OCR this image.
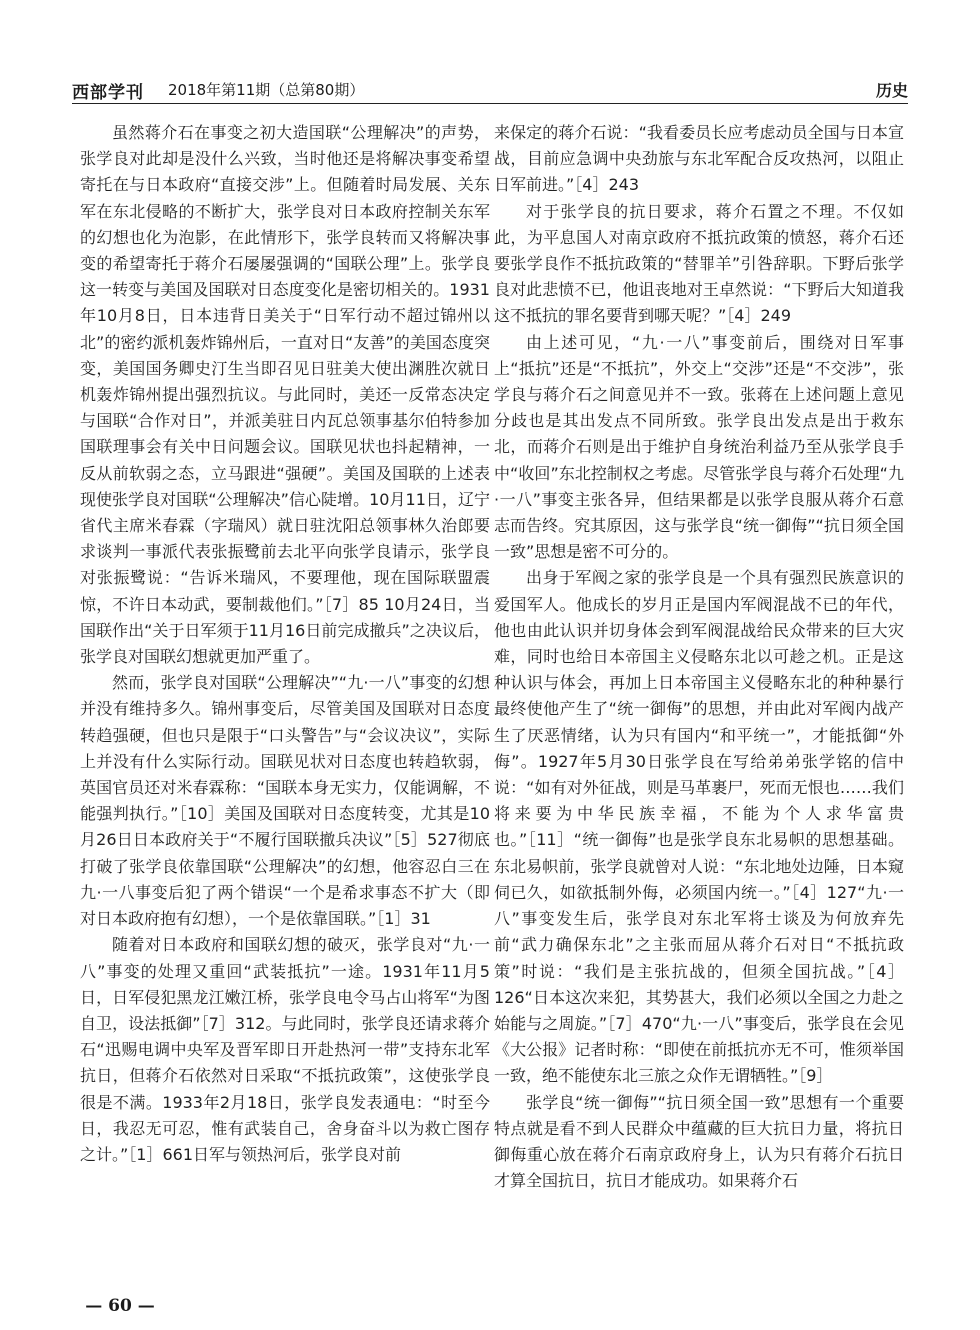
西部学刊 2018年第11期（总第80期）	历史

虽然蒋介石在事变之初大造国联“公理解决”的声势，张学良对此却是没什么兴致，当时他还是将解决事变希望寄托在与日本政府“直接交涉”上。但随着时局发展、关东军在东北侵略的不断扩大，张学良对日本政府控制关东军的幻想也化为泡影，在此情形下，张学良转而又将解决事变的希望寄托于蒋介石屡屡强调的“国联公理”上。张学良这一转变与美国及国联对日态度变化是密切相关的。1931年10月8日，日本违背日美关于“日军行动不超过锦州以北”的密约派机轰炸锦州后，一直对日“友善”的美国态度突变，美国国务卿史汀生当即召见日驻美大使出渊胜次就日机轰炸锦州提出强烈抗议。与此同时，美还一反常态决定与国联“合作对日”，并派美驻日内瓦总领事基尔伯特参加国联理事会有关中日问题会议。国联见状也抖起精神，一反从前软弱之态，立马跟进“强硬”。美国及国联的上述表现使张学良对国联“公理解决”信心陡增。10月11日，辽宁省代主席米春霖（字瑞风）就日驻沈阳总领事林久治郎要求谈判一事派代表张振鹭前去北平向张学良请示，张学良对张振鹭说：“告诉米瑞风，不要理他，现在国际联盟震惊，不许日本动武，要制裁他们。”［7］85 10月24日，当国联作出“关于日军须于11月16日前完成撤兵”之决议后，张学良对国联幻想就更加严重了。

然而，张学良对国联“公理解决”“九·一八”事变的幻想并没有维持多久。锦州事变后，尽管美国及国联对日态度转趋强硬，但也只是限于“口头警告”与“会议决议”，实际上并没有什么实际行动。国联见状对日态度也转趋软弱，英国官员还对米春霖称：“国联本身无实力，仅能调解，不能强判执行。”［10］美国及国联对日态度转变，尤其是10月26日日本政府关于“不履行国联撤兵决议”［5］527彻底打破了张学良依靠国联“公理解决”的幻想，他容忍白三在九·一八事变后犯了两个错误“一个是希求事态不扩大（即对日本政府抱有幻想），一个是依靠国联。”［1］31

随着对日本政府和国联幻想的破灭，张学良对“九·一八”事变的处理又重回“武装抵抗”一途。1931年11月5日，日军侵犯黑龙江嫩江桥，张学良电令马占山将军“为图自卫，设法抵御”［7］312。与此同时，张学良还请求蒋介石“迅赐电调中央军及晋军即日开赴热河一带”支持东北军抗日，但蒋介石依然对日采取“不抵抗政策”，这使张学良很是不满。1933年2月18日，张学良发表通电：“时至今日，我忍无可忍，惟有武装自己，舍身奋斗以为救亡图存之计。”［1］661日军与领热河后，张学良对前

来保定的蒋介石说：“我看委员长应考虑动员全国与日本宣战，目前应急调中央劲旅与东北军配合反攻热河，以阻止日军前进。”［4］243

对于张学良的抗日要求，蒋介石置之不理。不仅如此，为平息国人对南京政府不抵抗政策的愤怒，蒋介石还要张学良作不抵抗政策的“替罪羊”引咎辞职。下野后张学良对此悲愤不已，他诅丧地对王卓然说：“下野后大知道我这不抵抗的罪名要背到哪天呢？”［4］249

由上述可见，“九·一八”事变前后，围绕对日军事上“抵抗”还是“不抵抗”，外交上“交涉”还是“不交涉”，张学良与蒋介石之间意见并不一致。张蒋在上述问题上意见分歧也是其出发点不同所致。张学良出发点是出于救东北，而蒋介石则是出于维护自身统治利益乃至从张学良手中“收回”东北控制权之考虑。尽管张学良与蒋介石处理“九·一八”事变主张各异，但结果都是以张学良服从蒋介石意志而告终。究其原因，这与张学良“统一御侮”“抗日须全国一致”思想是密不可分的。

出身于军阀之家的张学良是一个具有强烈民族意识的爱国军人。他成长的岁月正是国内军阀混战不已的年代，他也由此认识并切身体会到军阀混战给民众带来的巨大灾难，同时也给日本帝国主义侵略东北以可趁之机。正是这种认识与体会，再加上日本帝国主义侵略东北的种种暴行最终使他产生了“统一御侮”的思想，并由此对军阀内战产生了厌恶情绪，认为只有国内“和平统一”，才能抵御“外侮”。1927年5月30日张学良在写给弟弟张学铭的信中说：“如有对外征战，则是马革裹尸，死而无恨也……我们将来要为中华民族幸福，不能为个人求华富贵也。”［11］“统一御侮”也是张学良东北易帜的思想基础。东北易帜前，张学良就曾对人说：“东北地处边陲，日本窥伺已久，如欲抵制外侮，必须国内统一。”［4］127“九·一八”事变发生后，张学良对东北军将士谈及为何放弃先前“武力确保东北”之主张而屈从蒋介石对日“不抵抗政策”时说：“我们是主张抗战的，但须全国抗战。”［4］126“日本这次来犯，其势甚大，我们必须以全国之力赴之始能与之周旋。”［7］470“九·一八”事变后，张学良在会见《大公报》记者时称：“即使在前抵抗亦无不可，惟须举国一致，绝不能使东北三旅之众作无谓牺牲。”［9］

张学良“统一御侮”“抗日须全国一致”思想有一个重要特点就是看不到人民群众中蕴藏的巨大抗日力量，将抗日御侮重心放在蒋介石南京政府身上，认为只有蒋介石抗日才算全国抗日，抗日才能成功。如果蒋介石

— 60 —
